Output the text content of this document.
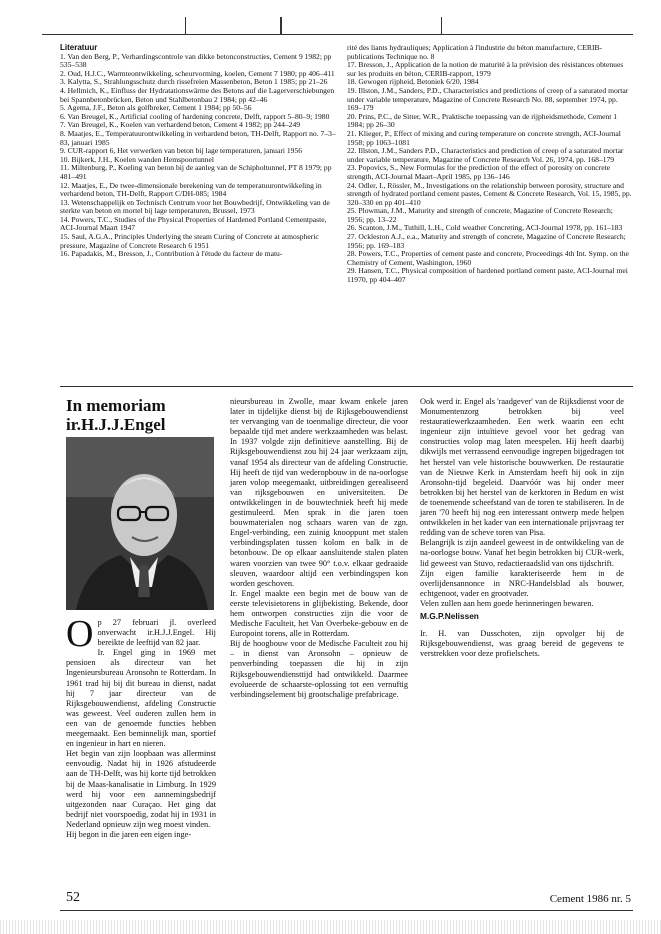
Literatuur

1. Van den Berg, P., Verhardingscontrole van dikke betonconstructies, Cement 9 1982; pp 535–538

2. Oud, H.J.C., Warmteontwikkeling, scheurvorming, koelen, Cement 7 1980; pp 406–411

3. Kalytta, S., Strahlungsschutz durch rissefreien Massenbeton, Beton 1 1985; pp 21–26

4. Hellmich, K., Einfluss der Hydratationswärme des Betons auf die Lagerverschiebungen bei Spannbetonbrücken, Beton und Stahlbetonbau 2 1984; pp 42–46

5. Agema, J.F., Beton als golfbreker, Cement 1 1984; pp 50–56

6. Van Breugel, K., Artificial cooling of hardening concrete, Delft, rapport 5–80–9; 1980

7. Van Breugel, K., Koelen van verhardend beton, Cement 4 1982; pp 244–249

8. Maatjes, E., Temperatuurontwikkeling in verhardend beton, TH-Delft, Rapport no. 7–3–83, januari 1985

9. CUR-rapport 6, Het verwerken van beton bij lage temperaturen, januari 1956

10. Bijkerk, J.H., Koelen wanden Hemspoortunnel

11. Miltenburg, P., Koeling van beton bij de aanleg van de Schipholtunnel, PT 8 1979; pp 481–491

12. Maatjes, E., De twee-dimensionale berekening van de temperatuurontwikkeling in verhardend beton, TH-Delft, Rapport C/DH-085; 1984

13. Wetenschappelijk en Technisch Centrum voor het Bouwbedrijf, Ontwikkeling van de sterkte van beton en mortel bij lage temperaturen, Brussel, 1973

14. Powers, T.C., Studies of the Physical Properties of Hardened Portland Cementpaste, ACI-Journal Maart 1947

15. Saul, A.G.A., Principles Underlying the steam Curing of Concrete at atmospheric pressure, Magazine of Concrete Research 6 1951

16. Papadakis, M., Bresson, J., Contribution à l'étude du facteur de matu-

rité des liants hydrauliques; Application à l'industrie du béton manufacture, CERIB-publications Technique no. 8

17. Bresson, J., Application de la notion de maturité à la prévision des résistances obtenues sur les produits en béton, CERIB-rapport, 1979

18. Gewogen rijpheid, Betoniek 6/20, 1984

19. Illston, J.M., Sanders, P.D., Characteristics and predictions of creep of a saturated mortar under variable temperature, Magazine of Concrete Research No. 88, september 1974, pp. 169–179

20. Prins, P.C., de Sitter, W.R., Praktische toepassing van de rijpheidsmethode, Cement 1 1984; pp 26–30

21. Klieger, P., Effect of mixing and curing temperature on concrete strength, ACI-Journal 1958; pp 1063–1081

22. Illston, J.M., Sanders P.D., Characteristics and prediction of creep of a saturated mortar under variable temperature, Magazine of Concrete Research Vol. 26, 1974, pp. 168–179

23. Popovics, S., New Formulas for the prediction of the effect of porosity on concrete strength, ACI-Journal Maart–April 1985, pp 136–146

24. Odler, I., Rössler, M., Investigations on the relationship between porosity, structure and strength of hydrated portland cement pastes, Cement & Concrete Research, Vol. 15, 1985, pp. 320–330 en pp 401–410

25. Plowman, J.M., Maturity and strength of concrete, Magazine of Concrete Research; 1956; pp. 13–22

26. Scanton, J.M., Tuthill, L.H., Cold weather Concreting, ACI-Journal 1978, pp. 161–183

27. Ockleston A.J., e.a., Maturity and strength of concrete, Magazine of Concrete Research; 1956; pp. 169–183

28. Powers, T.C., Properties of cement paste and concrete, Proceedings 4th Int. Symp. on the Chemistry of Cement, Washington, 1960

29. Hansen, T.C., Physical composition of hardened portland cement paste, ACI-Journal mei 11970, pp 404–407

In memoriam
ir.H.J.J.Engel

Op 27 februari jl. overleed onverwacht ir.H.J.J.Engel. Hij bereikte de leeftijd van 82 jaar.

Ir. Engel ging in 1969 met pensioen als directeur van het Ingenieursbureau Aronsohn te Rotterdam. In 1961 trad hij bij dit bureau in dienst, nadat hij 7 jaar directeur van de Rijksgebouwendienst, afdeling Constructie was geweest. Veel ouderen zullen hem in een van de genoemde functies hebben meegemaakt. Een beminnelijk man, sportief en ingenieur in hart en nieren.

Het begin van zijn loopbaan was allerminst eenvoudig. Nadat hij in 1926 afstudeerde aan de TH-Delft, was hij korte tijd betrokken bij de Maas-kanalisatie in Limburg. In 1929 werd hij voor een aannemingsbedrijf uitgezonden naar Curaçao. Het ging dat bedrijf niet voorspoedig, zodat hij in 1931 in Nederland opnieuw zijn weg moest vinden.

Hij begon in die jaren een eigen inge-

nieursbureau in Zwolle, maar kwam enkele jaren later in tijdelijke dienst bij de Rijksgebouwendienst ter vervanging van de toenmalige directeur, die voor bepaalde tijd met andere werkzaamheden was belast. In 1937 volgde zijn definitieve aanstelling. Bij de Rijksgebouwendienst zou hij 24 jaar werkzaam zijn, vanaf 1954 als directeur van de afdeling Constructie. Hij heeft de tijd van wederopbouw in de na-oorlogse jaren volop meegemaakt, uitbreidingen gerealiseerd van rijksgebouwen en universiteiten. De ontwikkelingen in de bouwtechniek heeft hij mede gestimuleerd. Men sprak in die jaren toen bouwmaterialen nog schaars waren van de zgn. Engel-verbinding, een zuinig knooppunt met stalen verbindingsplaten tussen kolom en balk in de betonbouw. De op elkaar aansluitende stalen platen waren voorzien van twee 90° t.o.v. elkaar gedraaide sleuven, waardoor altijd een verbindingspen kon worden geschoven.

Ir. Engel maakte een begin met de bouw van de eerste televisietorens in glijbekisting. Bekende, door hem ontworpen constructies zijn die voor de Medische Faculteit, het Van Overbeke-gebouw en de Europoint torens, alle in Rotterdam.

Bij de hoogbouw voor de Medische Faculteit zou hij – in dienst van Aronsohn – opnieuw de penverbinding toepassen die hij in zijn Rijksgebouwendiensttijd had ontwikkeld. Daarmee evolueerde de schaarste-oplossing tot een vernuftig verbindingselement bij grootschalige prefabricage.

Ook werd ir. Engel als 'raadgever' van de Rijksdienst voor de Monumentenzorg betrokken bij veel restauratiewerkzaamheden. Een werk waarin een echt ingenieur zijn intuïtieve gevoel voor het gedrag van constructies volop mag laten meespelen. Hij heeft daarbij dikwijls met verrassend eenvoudige ingrepen bijgedragen tot het herstel van vele historische bouwwerken. De restauratie van de Nieuwe Kerk in Amsterdam heeft hij ook in zijn Aronsohn-tijd begeleid. Daarvóór was hij onder meer betrokken bij het herstel van de kerktoren in Bedum en wist de toenemende scheefstand van de toren te stabiliseren. In de jaren '70 heeft hij nog een interessant ontwerp mede helpen ontwikkelen in het kader van een internationale prijsvraag ter redding van de scheve toren van Pisa.

Belangrijk is zijn aandeel geweest in de ontwikkeling van de na-oorlogse bouw. Vanaf het begin betrokken bij CUR-werk, lid geweest van Stuvo, redactieraadslid van ons tijdschrift.

Zijn eigen familie karakteriseerde hem in de overlijdensannonce in NRC-Handelsblad als bouwer, echtgenoot, vader en grootvader.

Velen zullen aan hem goede herinneringen bewaren.

M.G.P.Nelissen

Ir. H. van Dusschoten, zijn opvolger bij de Rijksgebouwendienst, was graag bereid de gegevens te verstrekken voor deze profielschets.

52	Cement 1986 nr. 5
